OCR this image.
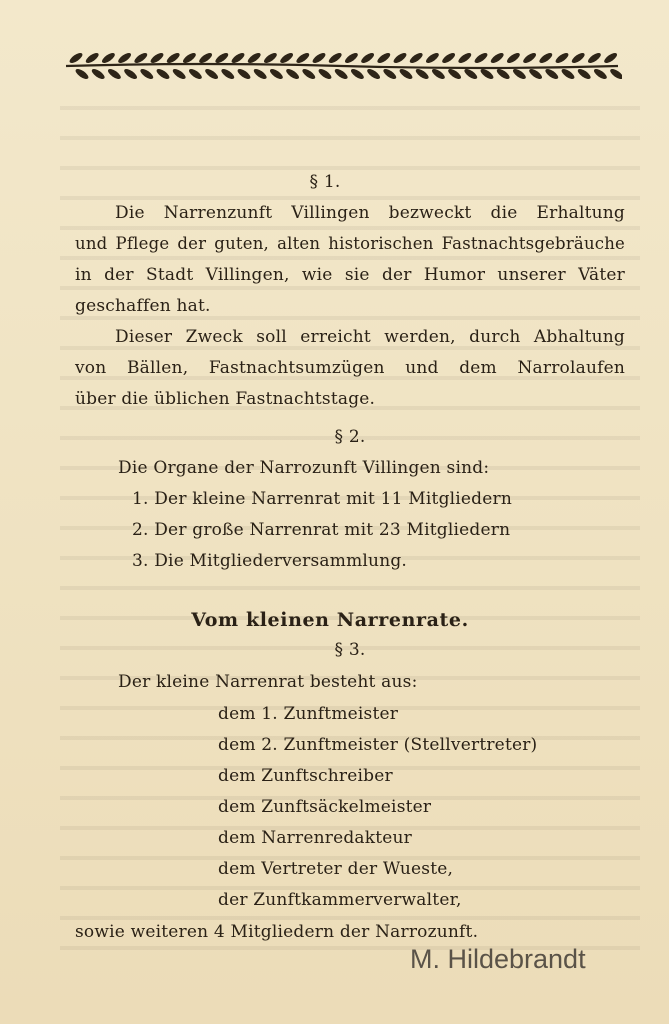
§ 1.
Die Narrenzunft Villingen bezweckt die Erhaltung
und Pflege der guten, alten historischen Fastnachtsgebräuche
in der Stadt Villingen, wie sie der Humor unserer Väter
geschaffen hat.
Dieser Zweck soll erreicht werden, durch Abhaltung
von Bällen, Fastnachtsumzügen und dem Narrolaufen
über die üblichen Fastnachtstage.
§ 2.
Die Organe der Narrozunft Villingen sind:
1. Der kleine Narrenrat mit 11 Mitgliedern
2. Der große Narrenrat mit 23 Mitgliedern
3. Die Mitgliederversammlung.
Vom kleinen Narrenrate.
§ 3.
Der kleine Narrenrat besteht aus:
dem 1. Zunftmeister
dem 2. Zunftmeister (Stellvertreter)
dem Zunftschreiber
dem Zunftsäckelmeister
dem Narrenredakteur
dem Vertreter der Wueste,
der Zunftkammerverwalter,
sowie weiteren 4 Mitgliedern der Narrozunft.
M. Hildebrandt
